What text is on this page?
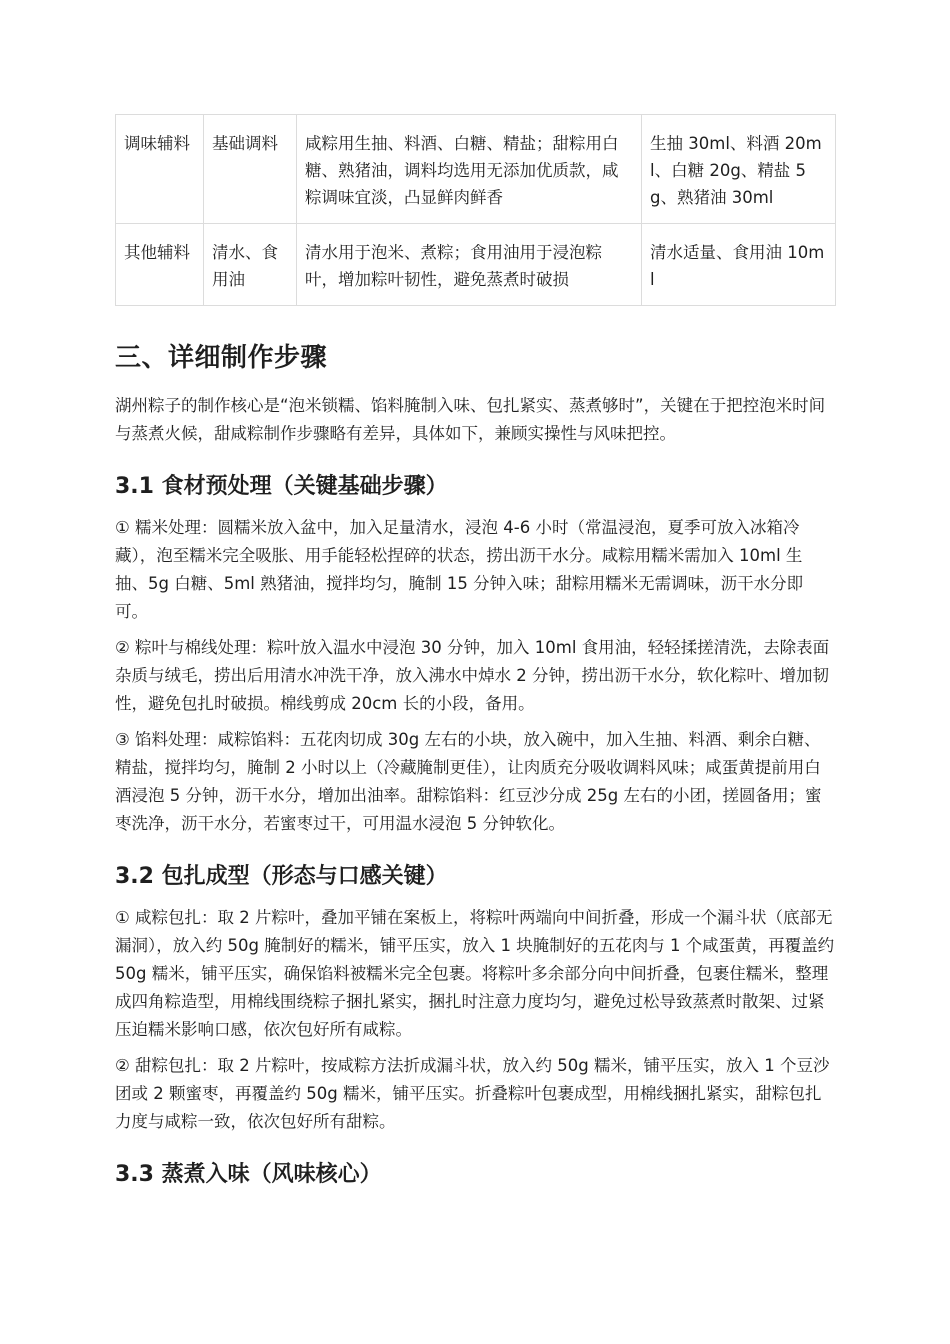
调味辅料	基础调料	咸粽用生抽、料酒、白糖、精盐；甜粽用白糖、熟猪油，调料均选用无添加优质款，咸粽调味宜淡，凸显鲜肉鲜香	生抽 30ml、料酒 20ml、白糖 20g、精盐 5g、熟猪油 30ml
其他辅料	清水、食用油	清水用于泡米、煮粽；食用油用于浸泡粽叶，增加粽叶韧性，避免蒸煮时破损	清水适量、食用油 10ml
三、详细制作步骤

湖州粽子的制作核心是“泡米锁糯、馅料腌制入味、包扎紧实、蒸煮够时”，关键在于把控泡米时间与蒸煮火候，甜咸粽制作步骤略有差异，具体如下，兼顾实操性与风味把控。

3.1 食材预处理（关键基础步骤）

① 糯米处理：圆糯米放入盆中，加入足量清水，浸泡 4-6 小时（常温浸泡，夏季可放入冰箱冷藏），泡至糯米完全吸胀、用手能轻松捏碎的状态，捞出沥干水分。咸粽用糯米需加入 10ml 生抽、5g 白糖、5ml 熟猪油，搅拌均匀，腌制 15 分钟入味；甜粽用糯米无需调味，沥干水分即可。

② 粽叶与棉线处理：粽叶放入温水中浸泡 30 分钟，加入 10ml 食用油，轻轻揉搓清洗，去除表面杂质与绒毛，捞出后用清水冲洗干净，放入沸水中焯水 2 分钟，捞出沥干水分，软化粽叶、增加韧性，避免包扎时破损。棉线剪成 20cm 长的小段，备用。

③ 馅料处理：咸粽馅料：五花肉切成 30g 左右的小块，放入碗中，加入生抽、料酒、剩余白糖、精盐，搅拌均匀，腌制 2 小时以上（冷藏腌制更佳），让肉质充分吸收调料风味；咸蛋黄提前用白酒浸泡 5 分钟，沥干水分，增加出油率。甜粽馅料：红豆沙分成 25g 左右的小团，搓圆备用；蜜枣洗净，沥干水分，若蜜枣过干，可用温水浸泡 5 分钟软化。

3.2 包扎成型（形态与口感关键）

① 咸粽包扎：取 2 片粽叶，叠加平铺在案板上，将粽叶两端向中间折叠，形成一个漏斗状（底部无漏洞），放入约 50g 腌制好的糯米，铺平压实，放入 1 块腌制好的五花肉与 1 个咸蛋黄，再覆盖约 50g 糯米，铺平压实，确保馅料被糯米完全包裹。将粽叶多余部分向中间折叠，包裹住糯米，整理成四角粽造型，用棉线围绕粽子捆扎紧实，捆扎时注意力度均匀，避免过松导致蒸煮时散架、过紧压迫糯米影响口感，依次包好所有咸粽。

② 甜粽包扎：取 2 片粽叶，按咸粽方法折成漏斗状，放入约 50g 糯米，铺平压实，放入 1 个豆沙团或 2 颗蜜枣，再覆盖约 50g 糯米，铺平压实。折叠粽叶包裹成型，用棉线捆扎紧实，甜粽包扎力度与咸粽一致，依次包好所有甜粽。

3.3 蒸煮入味（风味核心）
